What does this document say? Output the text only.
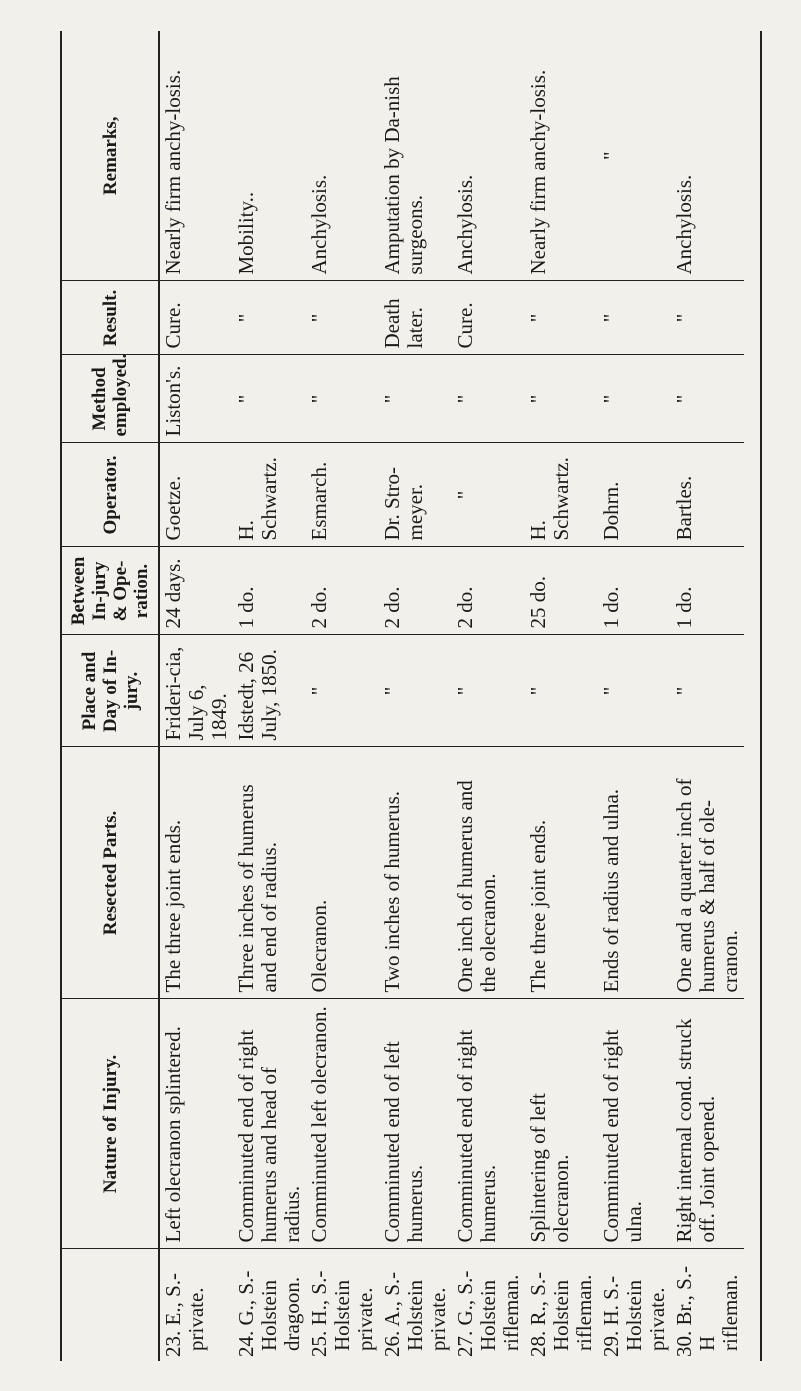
	Nature of Injury.	Resected Parts.	Place and Day of In-jury.	Between In-jury & Ope-ration.	Operator.	Method employed.	Result.	Remarks,
23. E., S.-private.	Left olecranon splintered.	The three joint ends.	Frideri-cia, July 6, 1849.	24 days.	Goetze.	Liston's.	Cure.	Nearly firm anchy-losis.
24. G., S.-Holstein dragoon.	Comminuted end of right humerus and head of radius.	Three inches of humerus and end of radius.	Idstedt, 26 July, 1850.	1 do.	H. Schwartz.	"	"	Mobility..
25. H., S.-Holstein private.	Comminuted left olecranon.	Olecranon.	"	2 do.	Esmarch.	"	"	Anchylosis.
26. A., S.-Holstein private.	Comminuted end of left humerus.	Two inches of humerus.	"	2 do.	Dr. Stro-meyer.	"	Death later.	Amputation by Da-nish surgeons.
27. G., S.-Holstein rifleman.	Comminuted end of right humerus.	One inch of humerus and the olecranon.	"	2 do.	"	"	Cure.	Anchylosis.
28. R., S.-Holstein rifleman.	Splintering of left olecranon.	The three joint ends.	"	25 do.	H. Schwartz.	"	"	Nearly firm anchy-losis.
29. H. S.-Holstein private.	Comminuted end of right ulna.	Ends of radius and ulna.	"	1 do.	Dohrn.	"	"	"
30. Br., S.-H rifleman.	Right internal cond. struck off. Joint opened.	One and a quarter inch of humerus & half of ole-cranon.	"	1 do.	Bartles.	"	"	Anchylosis.
